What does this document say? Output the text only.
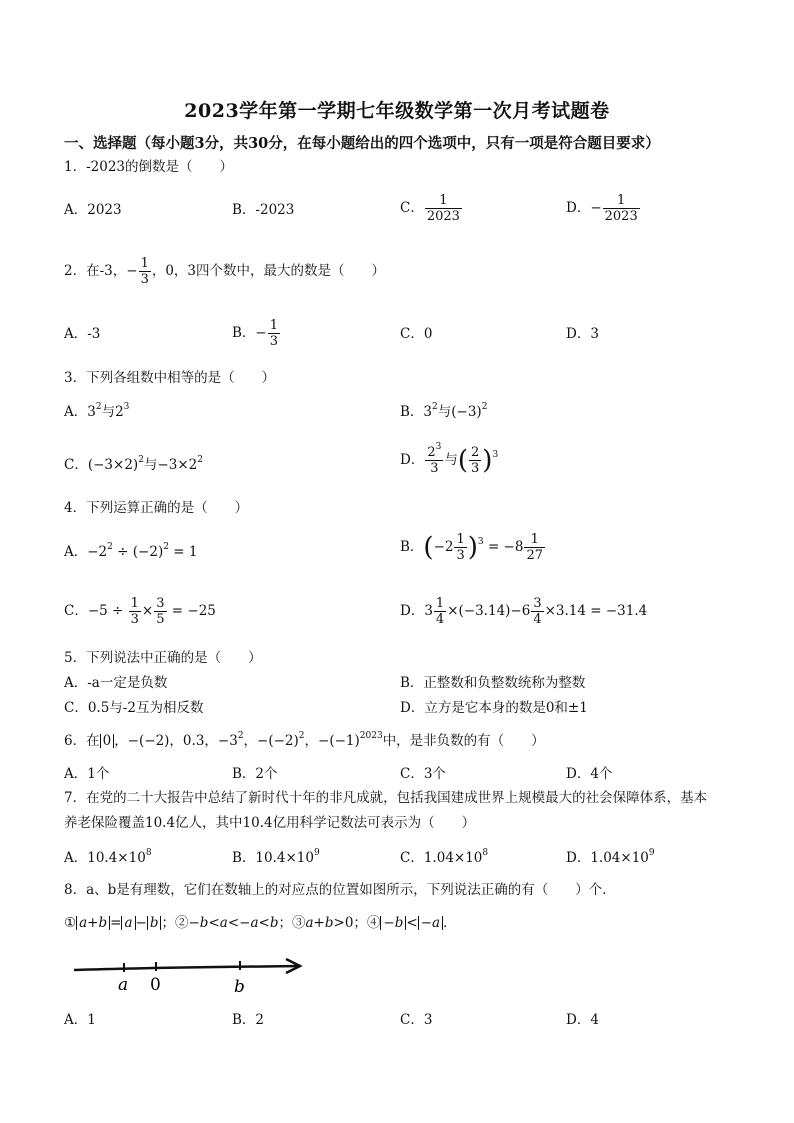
2023学年第一学期七年级数学第一次月考试题卷
一、选择题（每小题3分，共30分，在每小题给出的四个选项中，只有一项是符合题目要求）
1．-2023的倒数是（　　）
A．2023	B．-2023	C． $\frac{1}{2023}$	D．− $\frac{1}{2023}$
2．在-3，− $\frac{1}{3}$ ，0，3四个数中，最大的数是（　　）
A．-3	B．− $\frac{1}{3}$	C．0	D．3
3．下列各组数中相等的是（　　）
A．$3^2$与$2^3$	B．$3^2$与$(-3)^2$
C．$(-3\times 2)^2$与$-3\times 2^2$	D． $\frac{2^3}{3}$ 与( $\frac{2}{3} )^3$
4．下列运算正确的是（　　）
A．$-2^2 \div (-2)^2 = 1$	B．$(-2 \frac{1}{3} )^3 = -8 \frac{1}{27}$
C．$-5 \div \frac{1}{3} \times \frac{3}{5} = -25$	D．$3 \frac{1}{4} \times(-3.14)-6 \frac{3}{4} \times 3.14 = -31.4$
5．下列说法中正确的是（　　）
A．-a一定是负数	B．正整数和负整数统称为整数
C．0.5与-2互为相反数	D．立方是它本身的数是0和±1
6．在 0 ，−(−2)，0.3，$-3^2$，$-(-2)^2$，$-(-1)^{2023}$中，是非负数的有（　　）
A．1个	B．2个	C．3个	D．4个
7．在党的二十大报告中总结了新时代十年的非凡成就，包括我国建成世界上规模最大的社会保障体系，基本
养老保险覆盖10.4亿人，其中10.4亿用科学记数法可表示为（　　）
A．$10.4\times 10^8$	B．$10.4\times 10^9$	C．$1.04\times 10^8$	D．$1.04\times 10^9$
8．a、b是有理数，它们在数轴上的对应点的位置如图所示，下列说法正确的有（　　）个．
① a+b = a − b ；②−b<a<−a<b；③a+b>0；④ −b < −a ．
a 0	b
A．1	B．2	C．3	D．4
